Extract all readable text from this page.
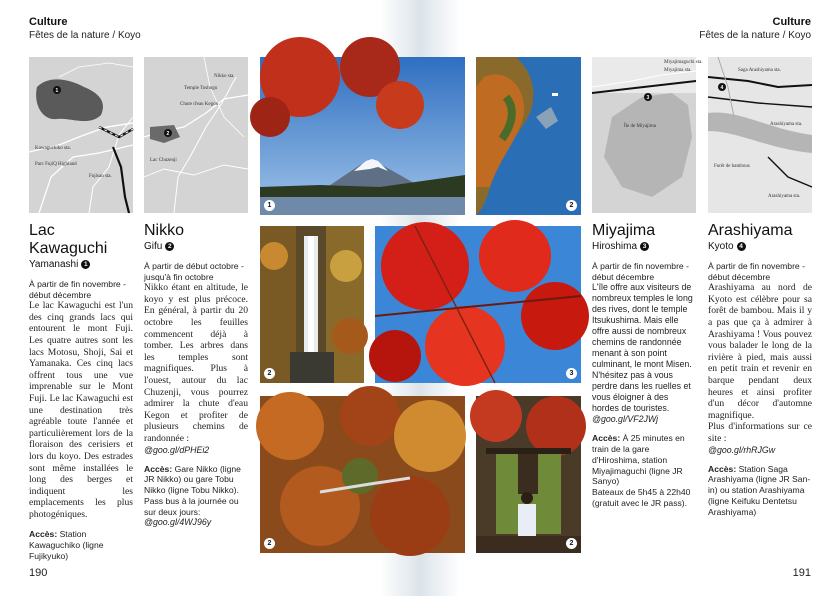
Culture
Fêtes de la nature / Koyo
Culture
Fêtes de la nature / Koyo
1
Kawaguchiko sta.
Parc FujiQ Highland
Fujisan sta.
2
Nikko sta.
Temple Toshogu
Chute d'eau Kegon
Lac Chuzenji
3
Miyajimaguchi sta.
Miyajima sta.
Île de Miyajima
4
Saga Arashiyama sta.
Arashiyama sta.
Forêt de bambous
Arashiyama sta.
1	2
2	3
2	2
Lac Kawaguchi
Yamanashi 1
À partir de fin novembre - début décembre
Le lac Kawaguchi est l'un des cinq grands lacs qui entourent le mont Fuji. Les quatre autres sont les lacs Motosu, Shoji, Sai et Yamanaka. Ces cinq lacs offrent tous une vue imprenable sur le Mont Fuji. Le lac Kawaguchi est une destination très agréable toute l'année et particulièrement lors de la floraison des cerisiers et lors du koyo. Des estrades sont même installées le long des berges et indiquent les emplacements les plus photogéniques.
Accès: Station Kawaguchiko (ligne Fujikyuko)
Nikko
Gifu 2
À partir de début octobre - jusqu'à fin octobre
Nikko étant en altitude, le koyo y est plus précoce. En général, à partir du 20 octobre les feuilles commencent déjà à tomber. Les arbres dans les temples sont magnifiques. Plus à l'ouest, autour du lac Chuzenji, vous pourrez admirer la chute d'eau Kegon et profiter de plusieurs chemins de randonnée :
@goo.gl/dPHEi2
Accès: Gare Nikko (ligne JR Nikko) ou gare Tobu Nikko (ligne Tobu Nikko).
Pass bus à la journée ou sur deux jours:
@goo.gl/4WJ96y
Miyajima
Hiroshima 3
À partir de fin novembre - début décembre
L'île offre aux visiteurs de nombreux temples le long des rives, dont le temple Itsukushima. Mais elle offre aussi de nombreux chemins de randonnée menant à son point culminant, le mont Misen. N'hésitez pas à vous perdre dans les ruelles et vous éloigner à des hordes de touristes.
@goo.gl/VF2JWj
Accès: À 25 minutes en train de la gare d'Hiroshima, station Miyajimaguchi (ligne JR Sanyo)
Bateaux de 5h45 à 22h40 (gratuit avec le JR pass).
Arashiyama
Kyoto 4
À partir de fin novembre - début décembre
Arashiyama au nord de Kyoto est célèbre pour sa forêt de bambou. Mais il y a pas que ça à admirer à Arashiyama ! Vous pouvez vous balader le long de la rivière à pied, mais aussi en petit train et revenir en barque pendant deux heures et ainsi profiter d'un décor d'automne magnifique.
Plus d'informations sur ce site :
@goo.gl/rhRJGw
Accès: Station Saga Arashiyama (ligne JR San-in) ou station Arashiyama (ligne Keifuku Dentetsu Arashiyama)
190	191
